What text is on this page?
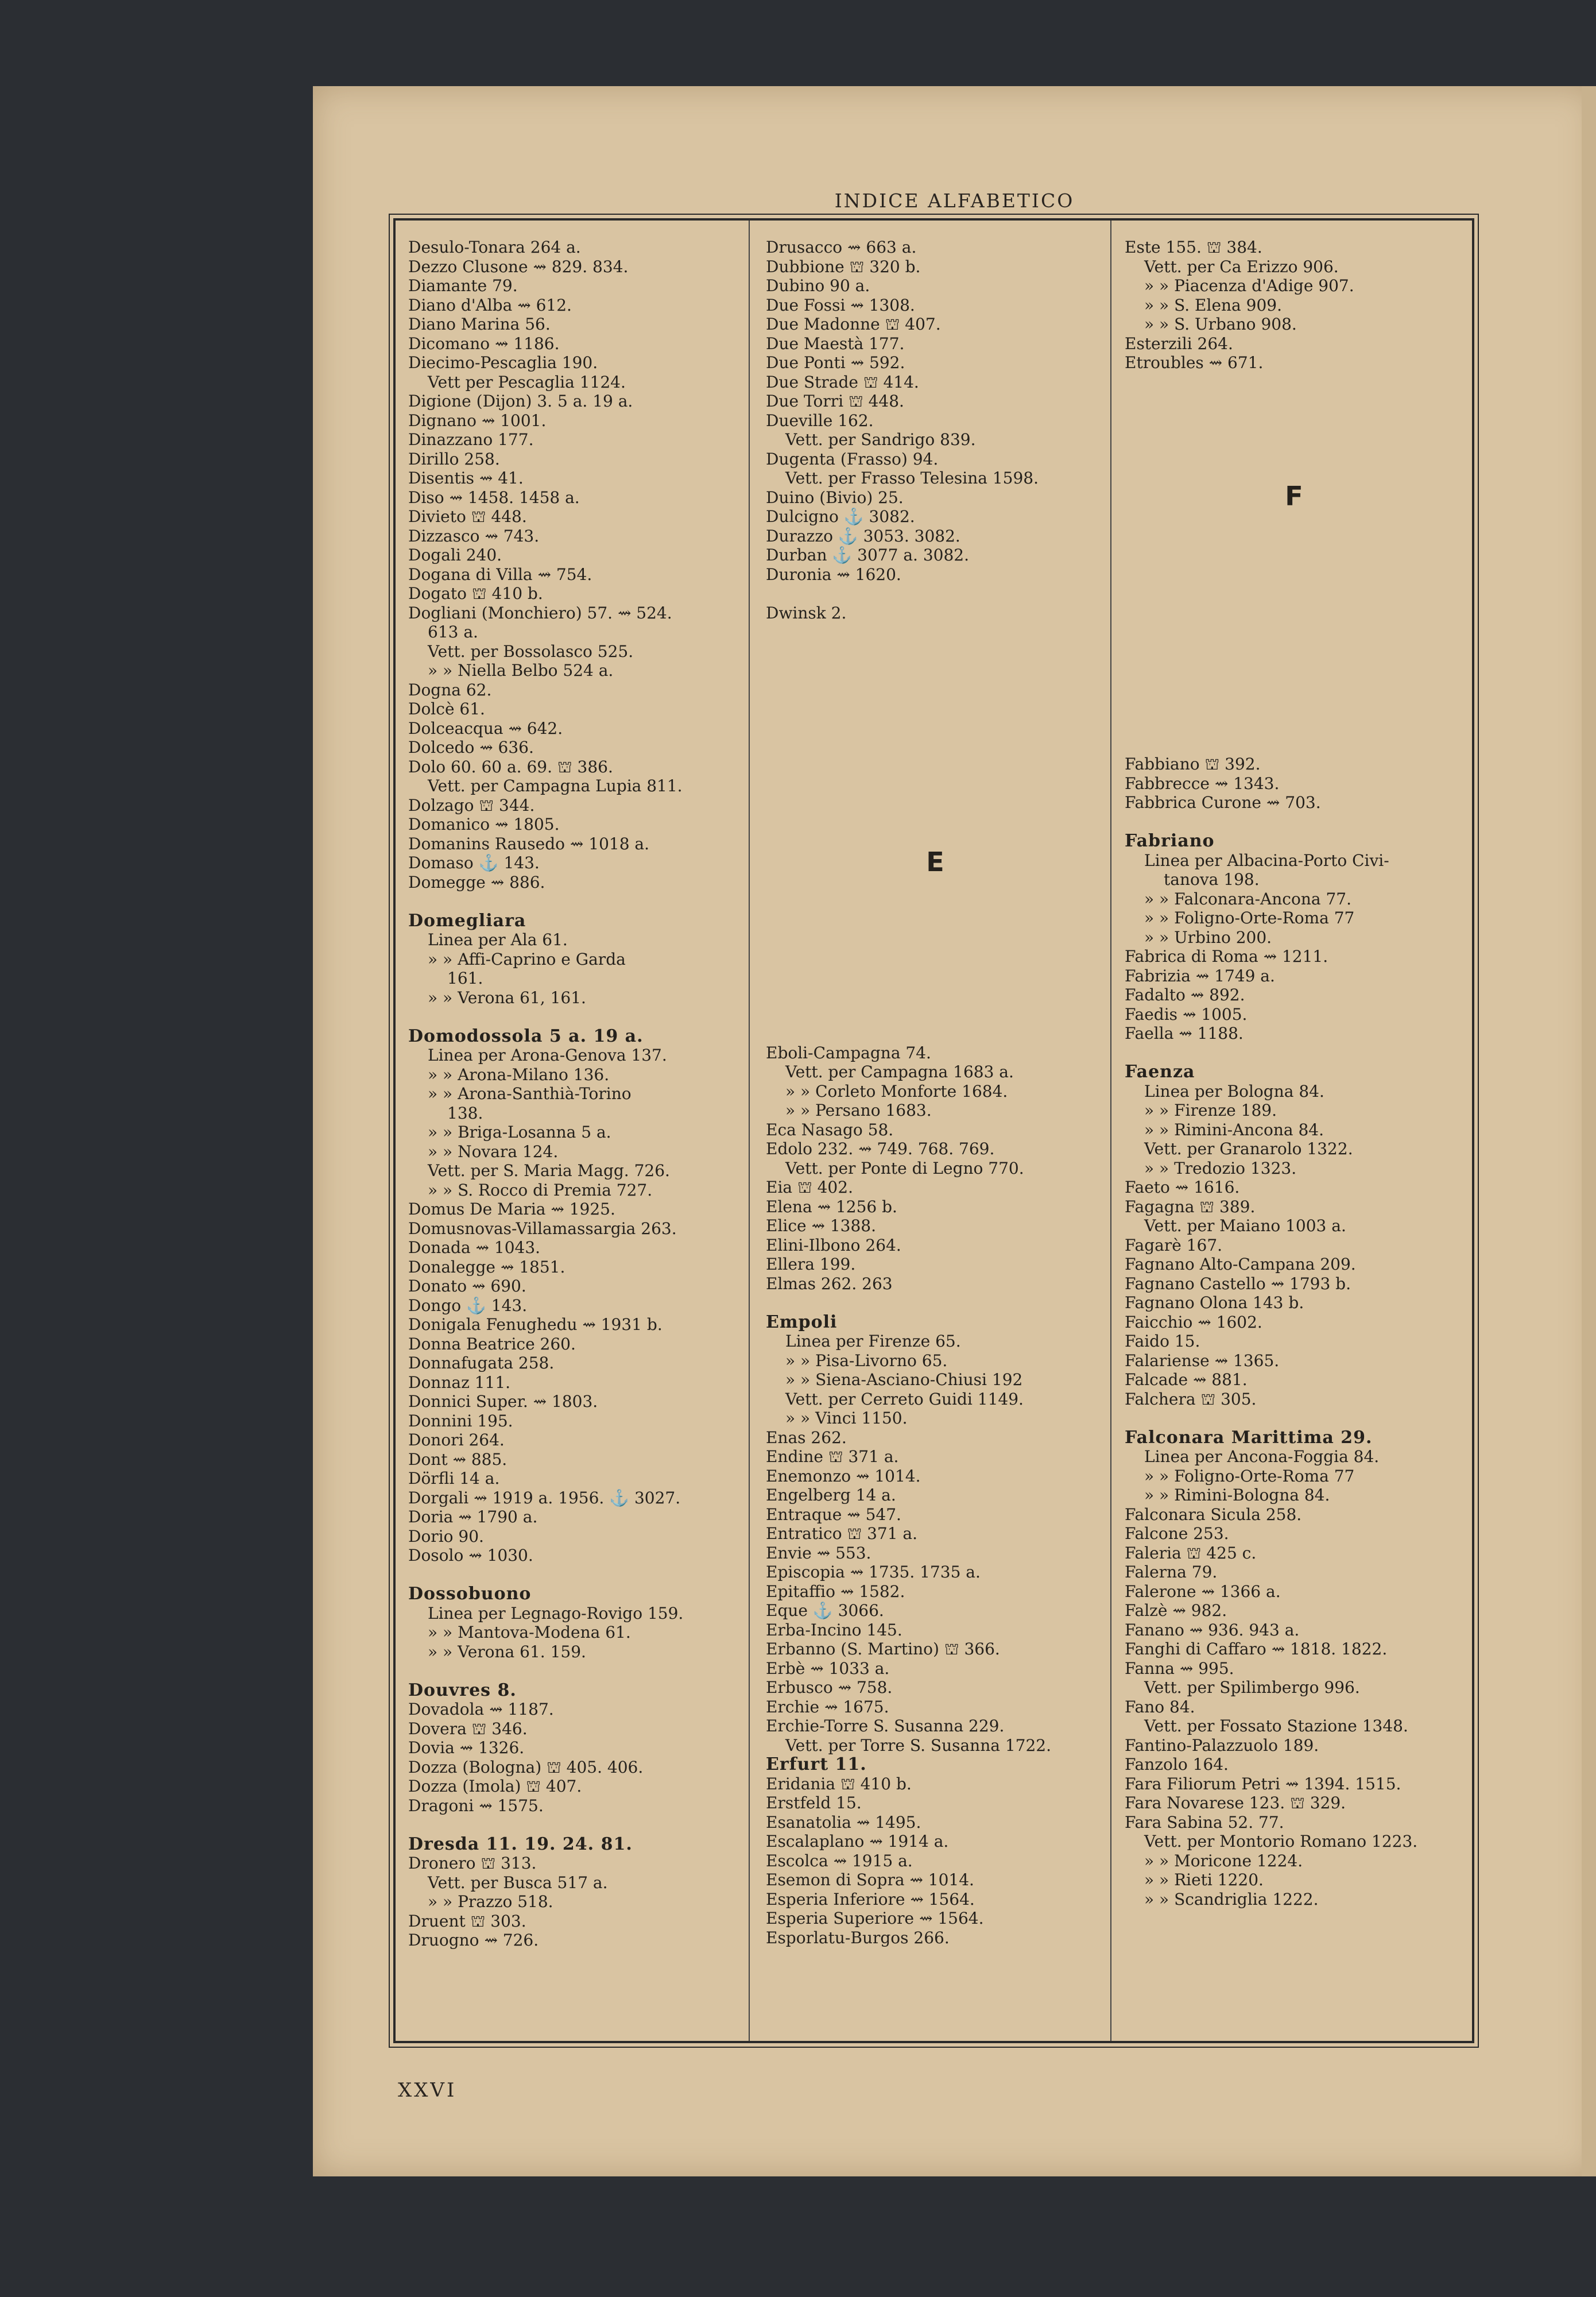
INDICE ALFABETICO
Desulo-Tonara 264 a.
Dezzo Clusone ⇝ 829. 834.
Diamante 79.
Diano d'Alba ⇝ 612.
Diano Marina 56.
Dicomano ⇝ 1186.
Diecimo-Pescaglia 190.
Vett per Pescaglia 1124.
Digione (Dijon) 3. 5 a. 19 a.
Dignano ⇝ 1001.
Dinazzano 177.
Dirillo 258.
Disentis ⇝ 41.
Diso ⇝ 1458. 1458 a.
Divieto ⛫ 448.
Dizzasco ⇝ 743.
Dogali 240.
Dogana di Villa ⇝ 754.
Dogato ⛫ 410 b.
Dogliani (Monchiero) 57. ⇝ 524.
613 a.
Vett. per Bossolasco 525.
» » Niella Belbo 524 a.
Dogna 62.
Dolcè 61.
Dolceacqua ⇝ 642.
Dolcedo ⇝ 636.
Dolo 60. 60 a. 69. ⛫ 386.
Vett. per Campagna Lupia 811.
Dolzago ⛫ 344.
Domanico ⇝ 1805.
Domanins Rausedo ⇝ 1018 a.
Domaso ⚓ 143.
Domegge ⇝ 886.
Domegliara
Linea per Ala 61.
» » Affi-Caprino e Garda
161.
» » Verona 61, 161.
Domodossola 5 a. 19 a.
Linea per Arona-Genova 137.
» » Arona-Milano 136.
» » Arona-Santhià-Torino
138.
» » Briga-Losanna 5 a.
» » Novara 124.
Vett. per S. Maria Magg. 726.
» » S. Rocco di Premia 727.
Domus De Maria ⇝ 1925.
Domusnovas-Villamassargia 263.
Donada ⇝ 1043.
Donalegge ⇝ 1851.
Donato ⇝ 690.
Dongo ⚓ 143.
Donigala Fenughedu ⇝ 1931 b.
Donna Beatrice 260.
Donnafugata 258.
Donnaz 111.
Donnici Super. ⇝ 1803.
Donnini 195.
Donori 264.
Dont ⇝ 885.
Dörfli 14 a.
Dorgali ⇝ 1919 a. 1956. ⚓ 3027.
Doria ⇝ 1790 a.
Dorio 90.
Dosolo ⇝ 1030.
Dossobuono
Linea per Legnago-Rovigo 159.
» » Mantova-Modena 61.
» » Verona 61. 159.
Douvres 8.
Dovadola ⇝ 1187.
Dovera ⛫ 346.
Dovia ⇝ 1326.
Dozza (Bologna) ⛫ 405. 406.
Dozza (Imola) ⛫ 407.
Dragoni ⇝ 1575.
Dresda 11. 19. 24. 81.
Dronero ⛫ 313.
Vett. per Busca 517 a.
» » Prazzo 518.
Druent ⛫ 303.
Druogno ⇝ 726.
Drusacco ⇝ 663 a.
Dubbione ⛫ 320 b.
Dubino 90 a.
Due Fossi ⇝ 1308.
Due Madonne ⛫ 407.
Due Maestà 177.
Due Ponti ⇝ 592.
Due Strade ⛫ 414.
Due Torri ⛫ 448.
Dueville 162.
Vett. per Sandrigo 839.
Dugenta (Frasso) 94.
Vett. per Frasso Telesina 1598.
Duino (Bivio) 25.
Dulcigno ⚓ 3082.
Durazzo ⚓ 3053. 3082.
Durban ⚓ 3077 a. 3082.
Duronia ⇝ 1620.
Dwinsk 2.
E
Eboli-Campagna 74.
Vett. per Campagna 1683 a.
» » Corleto Monforte 1684.
» » Persano 1683.
Eca Nasago 58.
Edolo 232. ⇝ 749. 768. 769.
Vett. per Ponte di Legno 770.
Eia ⛫ 402.
Elena ⇝ 1256 b.
Elice ⇝ 1388.
Elini-Ilbono 264.
Ellera 199.
Elmas 262. 263
Empoli
Linea per Firenze 65.
» » Pisa-Livorno 65.
» » Siena-Asciano-Chiusi 192
Vett. per Cerreto Guidi 1149.
» » Vinci 1150.
Enas 262.
Endine ⛫ 371 a.
Enemonzo ⇝ 1014.
Engelberg 14 a.
Entraque ⇝ 547.
Entratico ⛫ 371 a.
Envie ⇝ 553.
Episcopia ⇝ 1735. 1735 a.
Epitaffio ⇝ 1582.
Eque ⚓ 3066.
Erba-Incino 145.
Erbanno (S. Martino) ⛫ 366.
Erbè ⇝ 1033 a.
Erbusco ⇝ 758.
Erchie ⇝ 1675.
Erchie-Torre S. Susanna 229.
Vett. per Torre S. Susanna 1722.
Erfurt 11.
Eridania ⛫ 410 b.
Erstfeld 15.
Esanatolia ⇝ 1495.
Escalaplano ⇝ 1914 a.
Escolca ⇝ 1915 a.
Esemon di Sopra ⇝ 1014.
Esperia Inferiore ⇝ 1564.
Esperia Superiore ⇝ 1564.
Esporlatu-Burgos 266.
Este 155. ⛫ 384.
Vett. per Ca Erizzo 906.
» » Piacenza d'Adige 907.
» » S. Elena 909.
» » S. Urbano 908.
Esterzili 264.
Etroubles ⇝ 671.
F
Fabbiano ⛫ 392.
Fabbrecce ⇝ 1343.
Fabbrica Curone ⇝ 703.
Fabriano
Linea per Albacina-Porto Civi-
tanova 198.
» » Falconara-Ancona 77.
» » Foligno-Orte-Roma 77
» » Urbino 200.
Fabrica di Roma ⇝ 1211.
Fabrizia ⇝ 1749 a.
Fadalto ⇝ 892.
Faedis ⇝ 1005.
Faella ⇝ 1188.
Faenza
Linea per Bologna 84.
» » Firenze 189.
» » Rimini-Ancona 84.
Vett. per Granarolo 1322.
» » Tredozio 1323.
Faeto ⇝ 1616.
Fagagna ⛫ 389.
Vett. per Maiano 1003 a.
Fagarè 167.
Fagnano Alto-Campana 209.
Fagnano Castello ⇝ 1793 b.
Fagnano Olona 143 b.
Faicchio ⇝ 1602.
Faido 15.
Falariense ⇝ 1365.
Falcade ⇝ 881.
Falchera ⛫ 305.
Falconara Marittima 29.
Linea per Ancona-Foggia 84.
» » Foligno-Orte-Roma 77
» » Rimini-Bologna 84.
Falconara Sicula 258.
Falcone 253.
Faleria ⛫ 425 c.
Falerna 79.
Falerone ⇝ 1366 a.
Falzè ⇝ 982.
Fanano ⇝ 936. 943 a.
Fanghi di Caffaro ⇝ 1818. 1822.
Fanna ⇝ 995.
Vett. per Spilimbergo 996.
Fano 84.
Vett. per Fossato Stazione 1348.
Fantino-Palazzuolo 189.
Fanzolo 164.
Fara Filiorum Petri ⇝ 1394. 1515.
Fara Novarese 123. ⛫ 329.
Fara Sabina 52. 77.
Vett. per Montorio Romano 1223.
» » Moricone 1224.
» » Rieti 1220.
» » Scandriglia 1222.
XXVI
